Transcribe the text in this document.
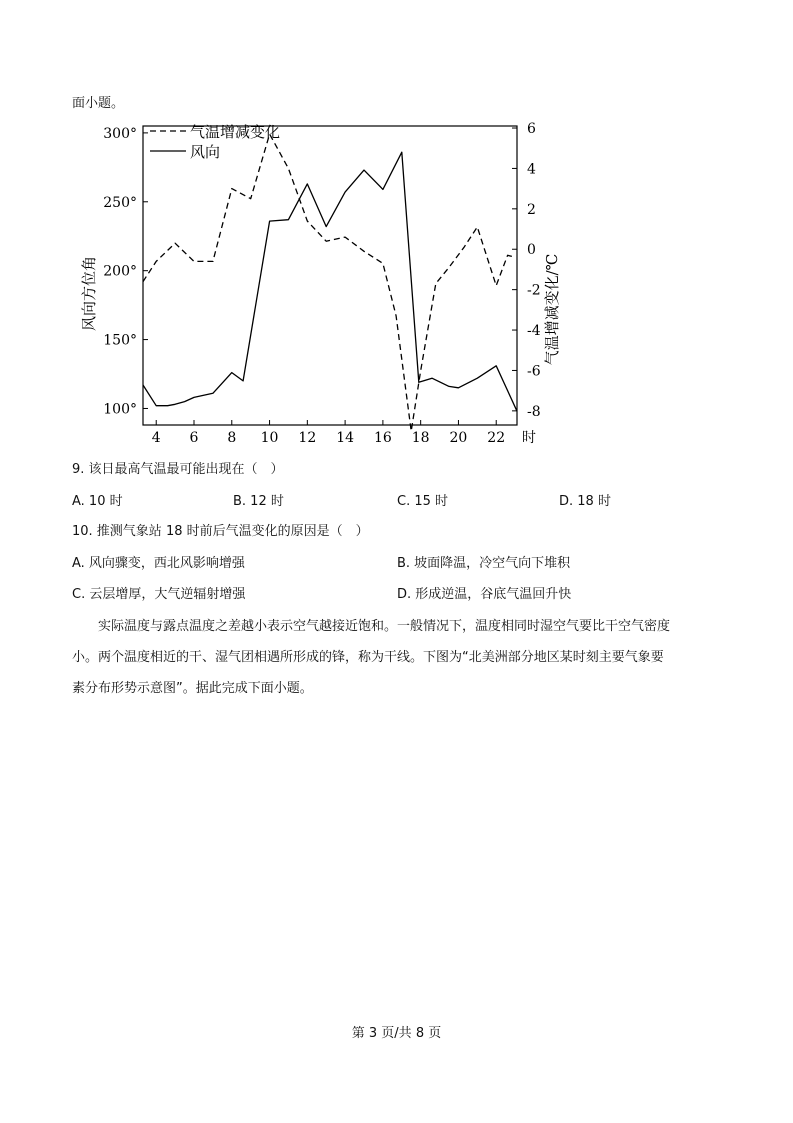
面小题。
100°
150°
200°
250°
300°	6
4
2
0
-2
-4
-6
-8
4 6 8 10 12 14 16 18 20 22 时
风向方位角	气温增减变化/℃
气温增减变化
风向
9. 该日最高气温最可能出现在（　）
A. 10 时	B. 12 时	C. 15 时	D. 18 时
10. 推测气象站 18 时前后气温变化的原因是（　）
A. 风向骤变，西北风影响增强	B. 坡面降温，冷空气向下堆积
C. 云层增厚，大气逆辐射增强	D. 形成逆温，谷底气温回升快
实际温度与露点温度之差越小表示空气越接近饱和。一般情况下，温度相同时湿空气要比干空气密度
小。两个温度相近的干、湿气团相遇所形成的锋，称为干线。下图为“北美洲部分地区某时刻主要气象要
素分布形势示意图”。据此完成下面小题。
第 3 页/共 8 页
